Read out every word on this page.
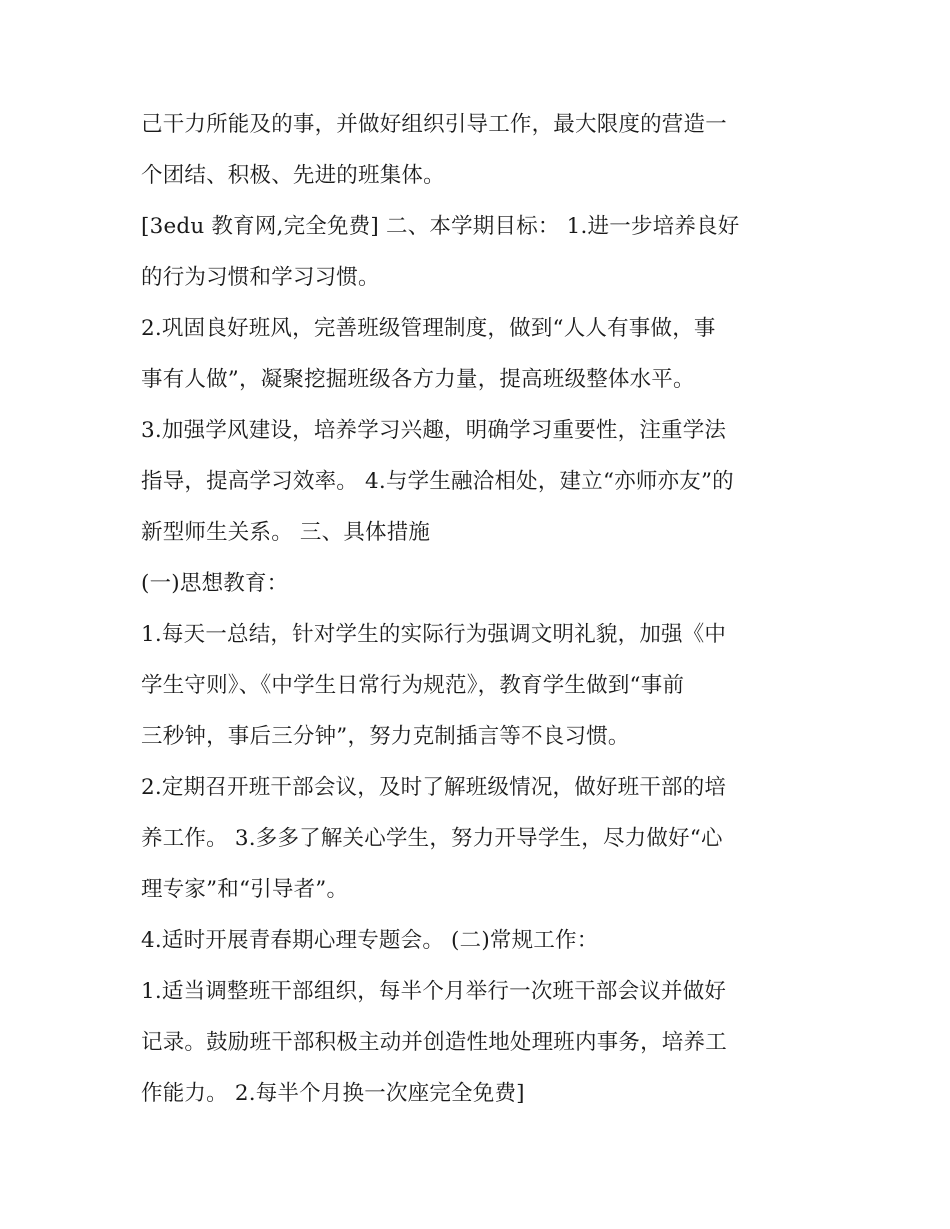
己干力所能及的事，并做好组织引导工作，最大限度的营造一
个团结、积极、先进的班集体。
[3edu 教育网,完全免费] 二、本学期目标： 1.进一步培养良好
的行为习惯和学习习惯。
2.巩固良好班风，完善班级管理制度，做到“人人有事做，事
事有人做”，凝聚挖掘班级各方力量，提高班级整体水平。
3.加强学风建设，培养学习兴趣，明确学习重要性，注重学法
指导，提高学习效率。 4.与学生融洽相处，建立“亦师亦友”的
新型师生关系。 三、具体措施
(一)思想教育：
1.每天一总结，针对学生的实际行为强调文明礼貌，加强《中
学生守则》、《中学生日常行为规范》，教育学生做到“事前
三秒钟，事后三分钟”，努力克制插言等不良习惯。
2.定期召开班干部会议，及时了解班级情况，做好班干部的培
养工作。 3.多多了解关心学生，努力开导学生，尽力做好“心
理专家”和“引导者”。
4.适时开展青春期心理专题会。 (二)常规工作：
1.适当调整班干部组织，每半个月举行一次班干部会议并做好
记录。鼓励班干部积极主动并创造性地处理班内事务，培养工
作能力。 2.每半个月换一次座完全免费]
